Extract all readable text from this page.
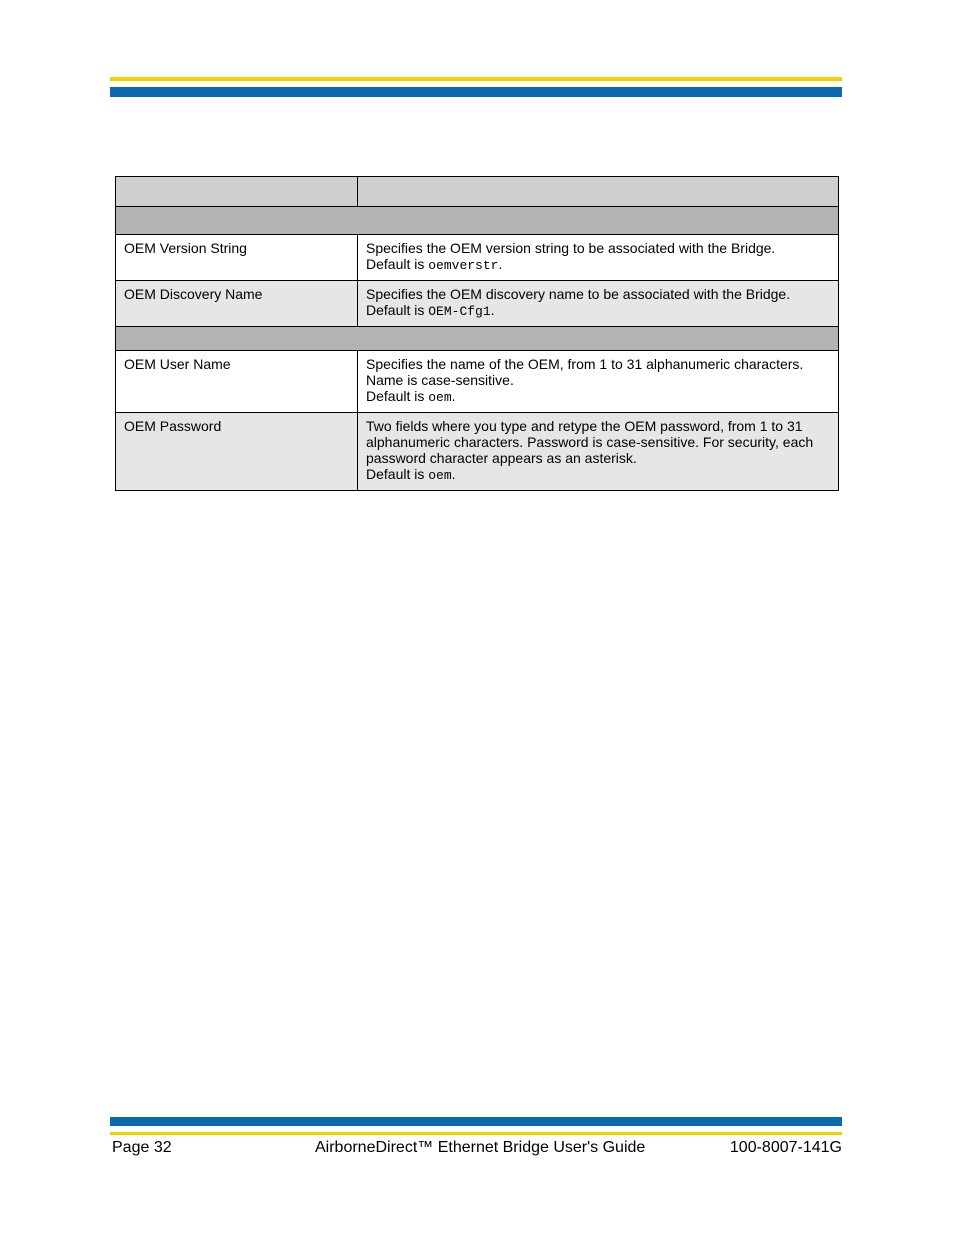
OEM Version String	Specifies the OEM version string to be associated with the Bridge.
Default is oemverstr.

OEM Discovery Name	Specifies the OEM discovery name to be associated with the Bridge.
Default is OEM-Cfg1.

OEM User Name	Specifies the name of the OEM, from 1 to 31 alphanumeric characters.
Name is case-sensitive.
Default is oem.

OEM Password	Two fields where you type and retype the OEM password, from 1 to 31
alphanumeric characters. Password is case-sensitive. For security, each
password character appears as an asterisk.
Default is oem.
Page 32	AirborneDirect™ Ethernet Bridge User's Guide	100-8007-141G
